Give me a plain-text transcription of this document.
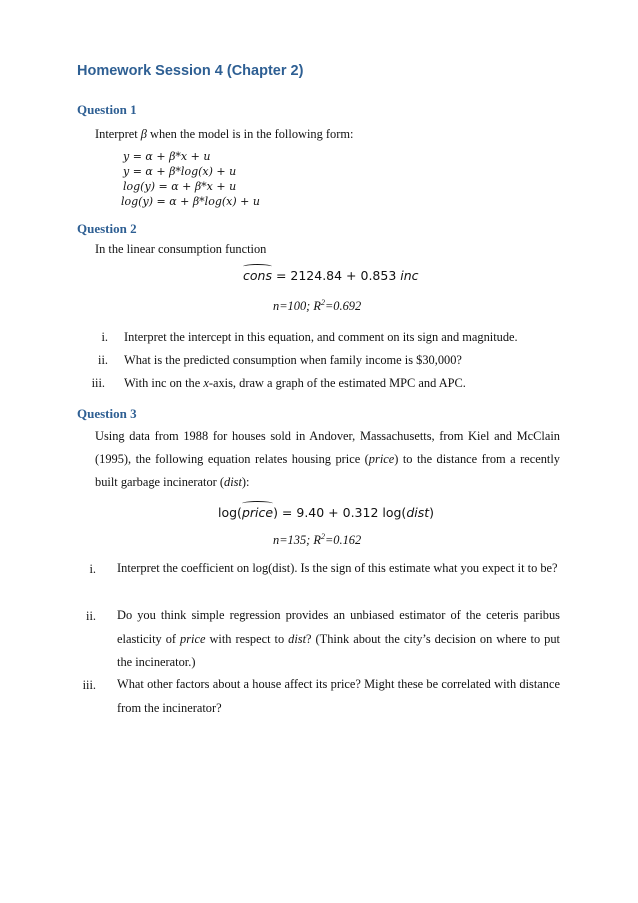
Homework Session 4 (Chapter 2)
Question 1
Interpret β when the model is in the following form:
y = α + β*x + u
y = α + β*log(x) + u
log(y) = α + β*x + u
log(y) = α + β*log(x) + u
Question 2
In the linear consumption function
cons = 2124.84 + 0.853 inc
n=100; $R^2=0.692$
i. Interpret the intercept in this equation, and comment on its sign and magnitude.
ii. What is the predicted consumption when family income is $30,000?
iii. With inc on the x-axis, draw a graph of the estimated MPC and APC.
Question 3
Using data from 1988 for houses sold in Andover, Massachusetts, from Kiel and McClain (1995), the following equation relates housing price (price) to the distance from a recently built garbage incinerator (dist):
log(price) = 9.40 + 0.312 log(dist)
n=135; $R^2=0.162$
i. Interpret the coefficient on log(dist). Is the sign of this estimate what you expect it to be?
ii. Do you think simple regression provides an unbiased estimator of the ceteris paribus elasticity of price with respect to dist? (Think about the city’s decision on where to put the incinerator.)
iii. What other factors about a house affect its price? Might these be correlated with distance from the incinerator?
